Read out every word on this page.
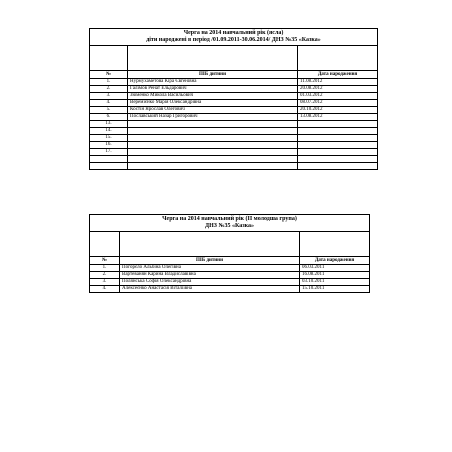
Черга на 2014 навчальний рік (ясла)
діти народжені в період /01.09.2011-30.06.2014/ ДНЗ №35 «Казка»		

№	ПІБ дитини	Дата народження
1.	Нурмухаметова Кіра Євгенівна	11.08.2012
2.	Галімов Ренат Ельдарович	20.08.2012
3.	Зюменко Микола Васильович	01.03.2012
4.	Веремієнко Марія Олександрівна	08.07.2012
5.	Костін Ярослав Олегович	20.10.2012
6.	Пославський Назар Григорович	13.08.2012
13.		
14.		
15.		
16.		
17.		

Черга на 2014 навчальний рік (ІІ молодша група)
ДНЗ №35 «Казка»		

№	ПІБ дитини	Дата народження
1.	Погорєло Альбіна Олегівна	06.03.2011
2.	Вартеванян Карина Владиславівна	16.08.2011
3.	Полянська Софія Олександрівна	03.10.2011
4.	Алексеєнко Анастасія Віталіївна	15.10.2011
